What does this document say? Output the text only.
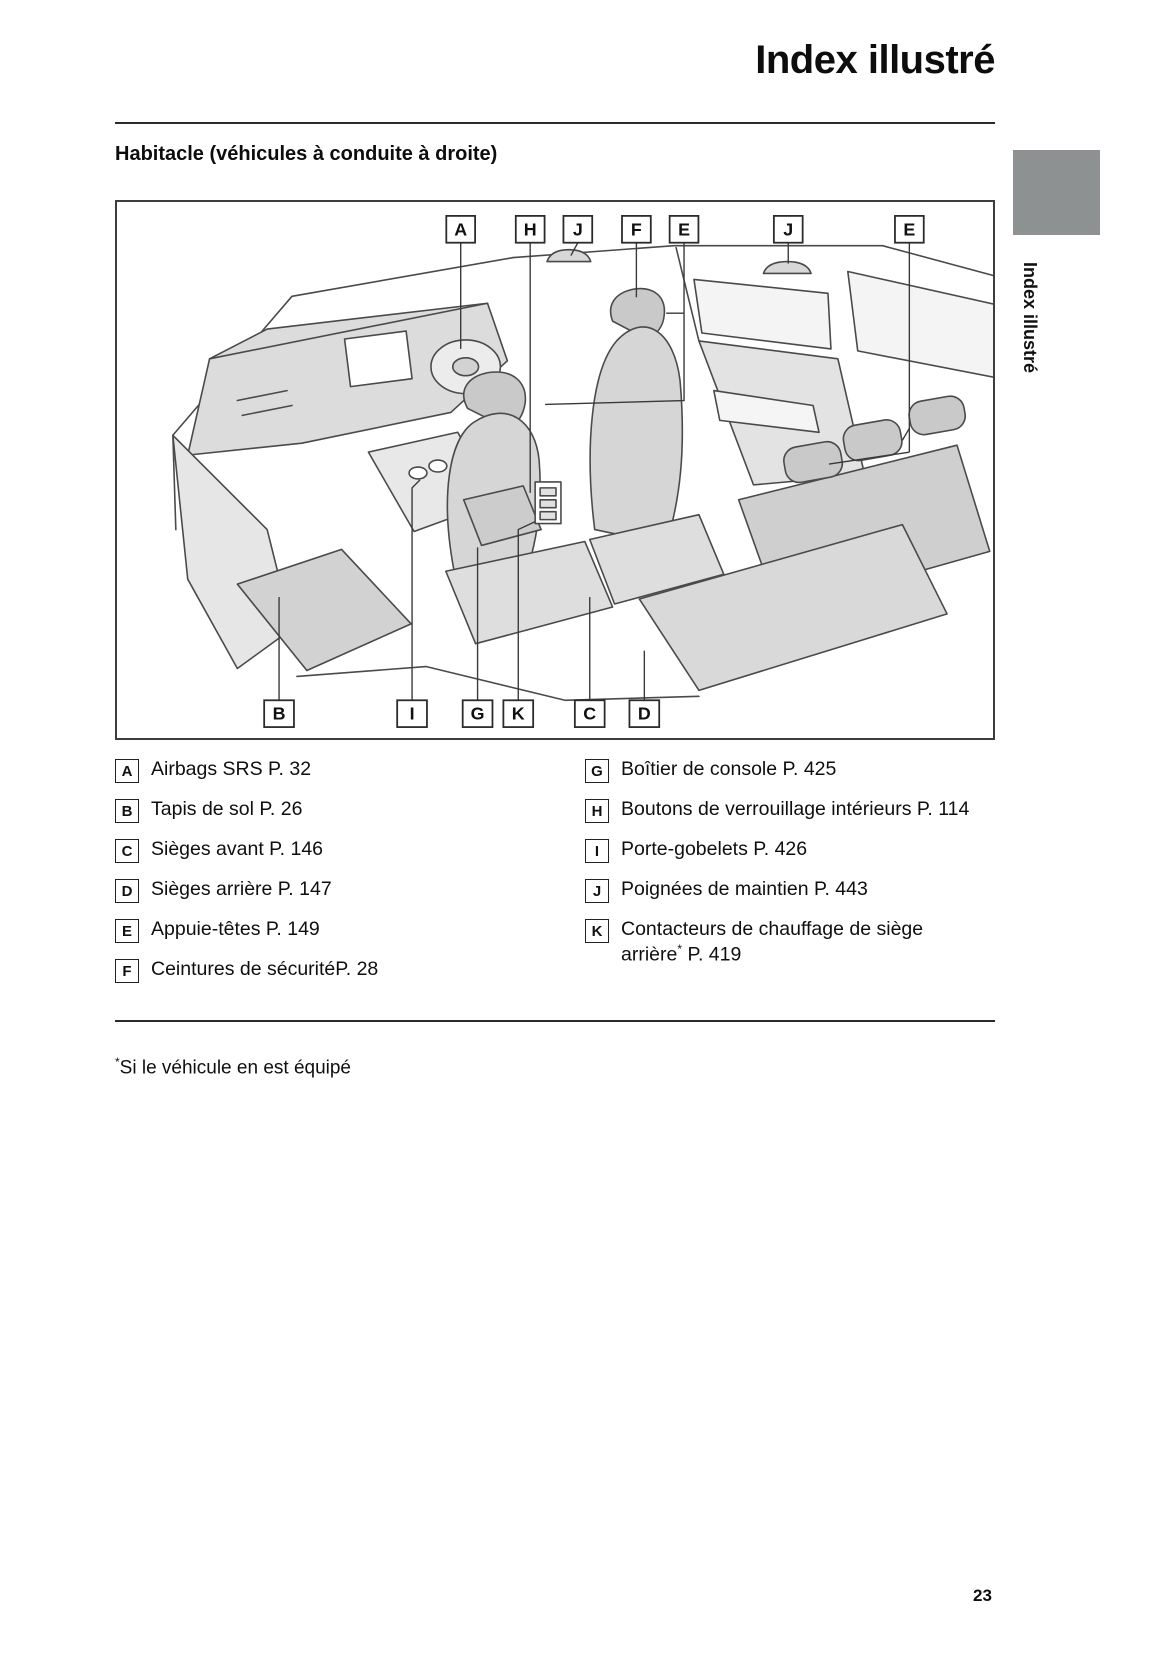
Index illustré
Habitacle (véhicules à conduite à droite)
Index illustré
A	H J	F E	J	E
B	I	G K	C D
A Airbags SRS P. 32
B Tapis de sol P. 26
C Sièges avant P. 146
D Sièges arrière P. 147
E Appuie-têtes P. 149
F Ceintures de sécuritéP. 28
G Boîtier de console P. 425
H Boutons de verrouillage intérieurs P. 114
I	Porte-gobelets P. 426
J	Poignées de maintien P. 443
K Contacteurs de chauffage de siège arrière* P. 419

*Si le véhicule en est équipé

23
